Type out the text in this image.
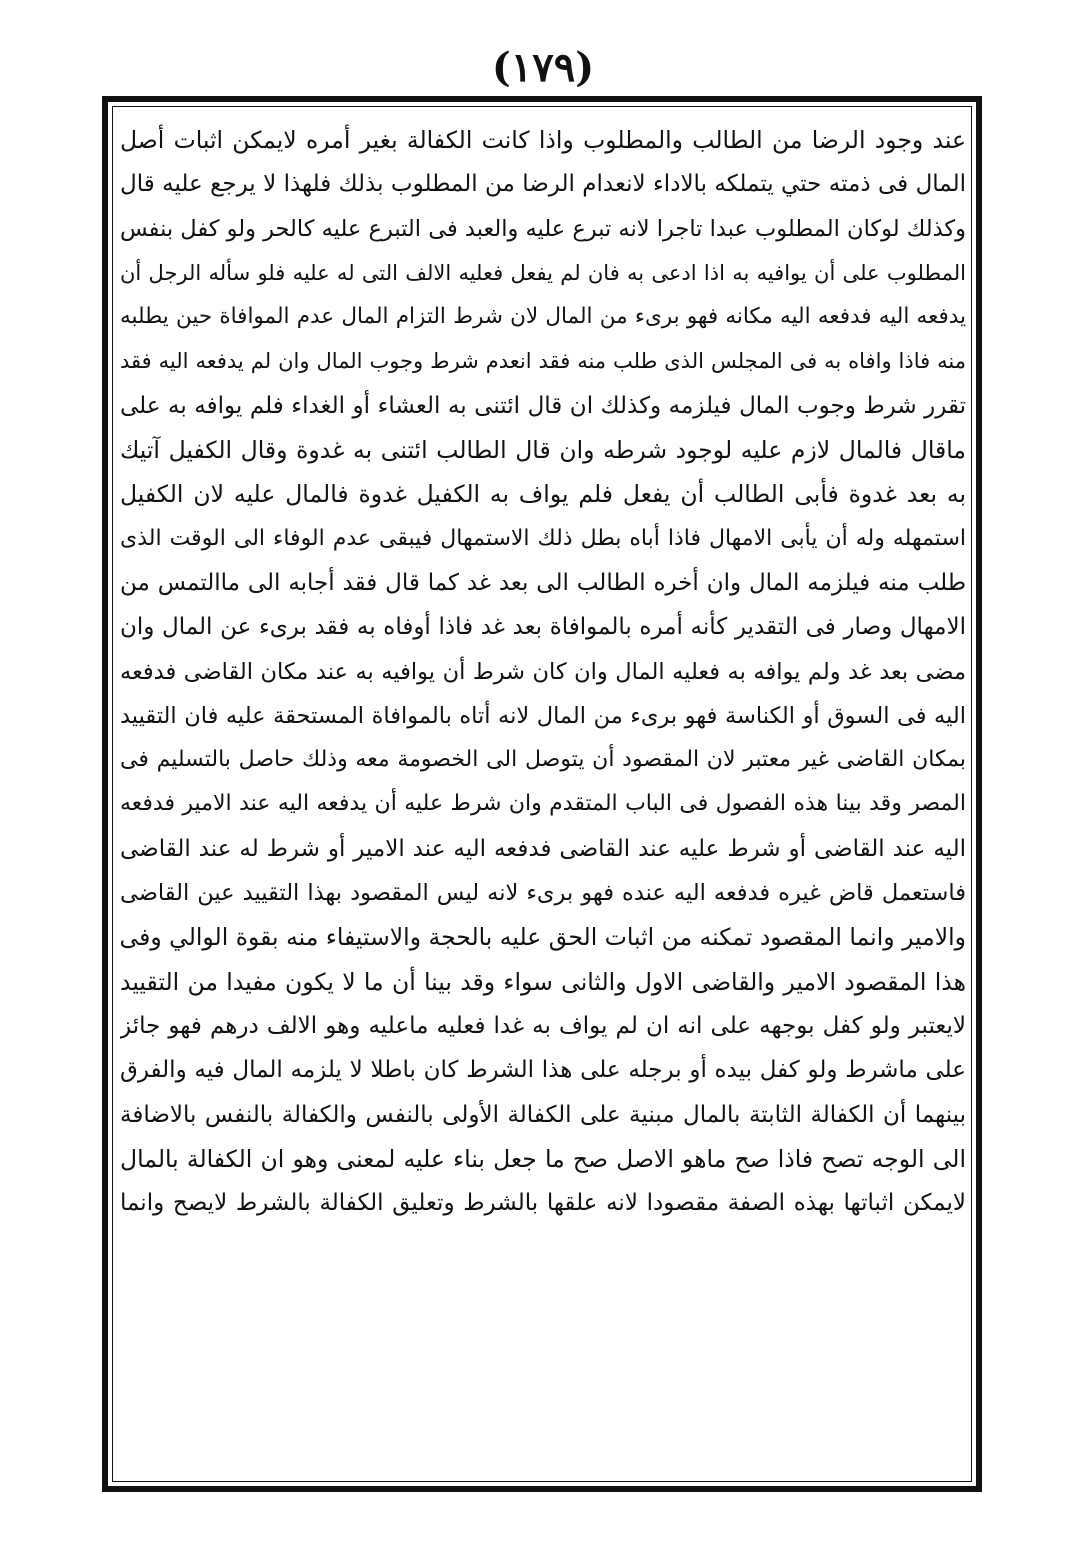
(١٧٩)
عند وجود الرضا من الطالب والمطلوب واذا كانت الكفالة بغير أمره لايمكن اثبات أصل
المال فى ذمته حتي يتملكه بالاداء لانعدام الرضا من المطلوب بذلك فلهذا لا يرجع عليه قال
وكذلك لوكان المطلوب عبدا تاجرا لانه تبرع عليه والعبد فى التبرع عليه كالحر ولو كفل بنفس
المطلوب على أن يوافيه به اذا ادعى به فان لم يفعل فعليه الالف التى له عليه فلو سأله الرجل أن
يدفعه اليه فدفعه اليه مكانه فهو برىء من المال لان شرط التزام المال عدم الموافاة حين يطلبه
منه فاذا وافاه به فى المجلس الذى طلب منه فقد انعدم شرط وجوب المال وان لم يدفعه اليه فقد
تقرر شرط وجوب المال فيلزمه وكذلك ان قال ائتنى به العشاء أو الغداء فلم يوافه به على
ماقال فالمال لازم عليه لوجود شرطه وان قال الطالب ائتنى به غدوة وقال الكفيل آتيك
به بعد غدوة فأبى الطالب أن يفعل فلم يواف به الكفيل غدوة فالمال عليه لان الكفيل
استمهله وله أن يأبى الامهال فاذا أباه بطل ذلك الاستمهال فيبقى عدم الوفاء الى الوقت الذى
طلب منه فيلزمه المال وان أخره الطالب الى بعد غد كما قال فقد أجابه الى ماالتمس من
الامهال وصار فى التقدير كأنه أمره بالموافاة بعد غد فاذا أوفاه به فقد برىء عن المال وان
مضى بعد غد ولم يوافه به فعليه المال وان كان شرط أن يوافيه به عند مكان القاضى فدفعه
اليه فى السوق أو الكناسة فهو برىء من المال لانه أتاه بالموافاة المستحقة عليه فان التقييد
بمكان القاضى غير معتبر لان المقصود أن يتوصل الى الخصومة معه وذلك حاصل بالتسليم فى
المصر وقد بينا هذه الفصول فى الباب المتقدم وان شرط عليه أن يدفعه اليه عند الامير فدفعه
اليه عند القاضى أو شرط عليه عند القاضى فدفعه اليه عند الامير أو شرط له عند القاضى
فاستعمل قاض غيره فدفعه اليه عنده فهو برىء لانه ليس المقصود بهذا التقييد عين القاضى
والامير وانما المقصود تمكنه من اثبات الحق عليه بالحجة والاستيفاء منه بقوة الوالي وفى
هذا المقصود الامير والقاضى الاول والثانى سواء وقد بينا أن ما لا يكون مفيدا من التقييد
لايعتبر ولو كفل بوجهه على انه ان لم يواف به غدا فعليه ماعليه وهو الالف درهم فهو جائز
على ماشرط ولو كفل بيده أو برجله على هذا الشرط كان باطلا لا يلزمه المال فيه والفرق
بينهما أن الكفالة الثابتة بالمال مبنية على الكفالة الأولى بالنفس والكفالة بالنفس بالاضافة
الى الوجه تصح فاذا صح ماهو الاصل صح ما جعل بناء عليه لمعنى وهو ان الكفالة بالمال
لايمكن اثباتها بهذه الصفة مقصودا لانه علقها بالشرط وتعليق الكفالة بالشرط لايصح وانما
